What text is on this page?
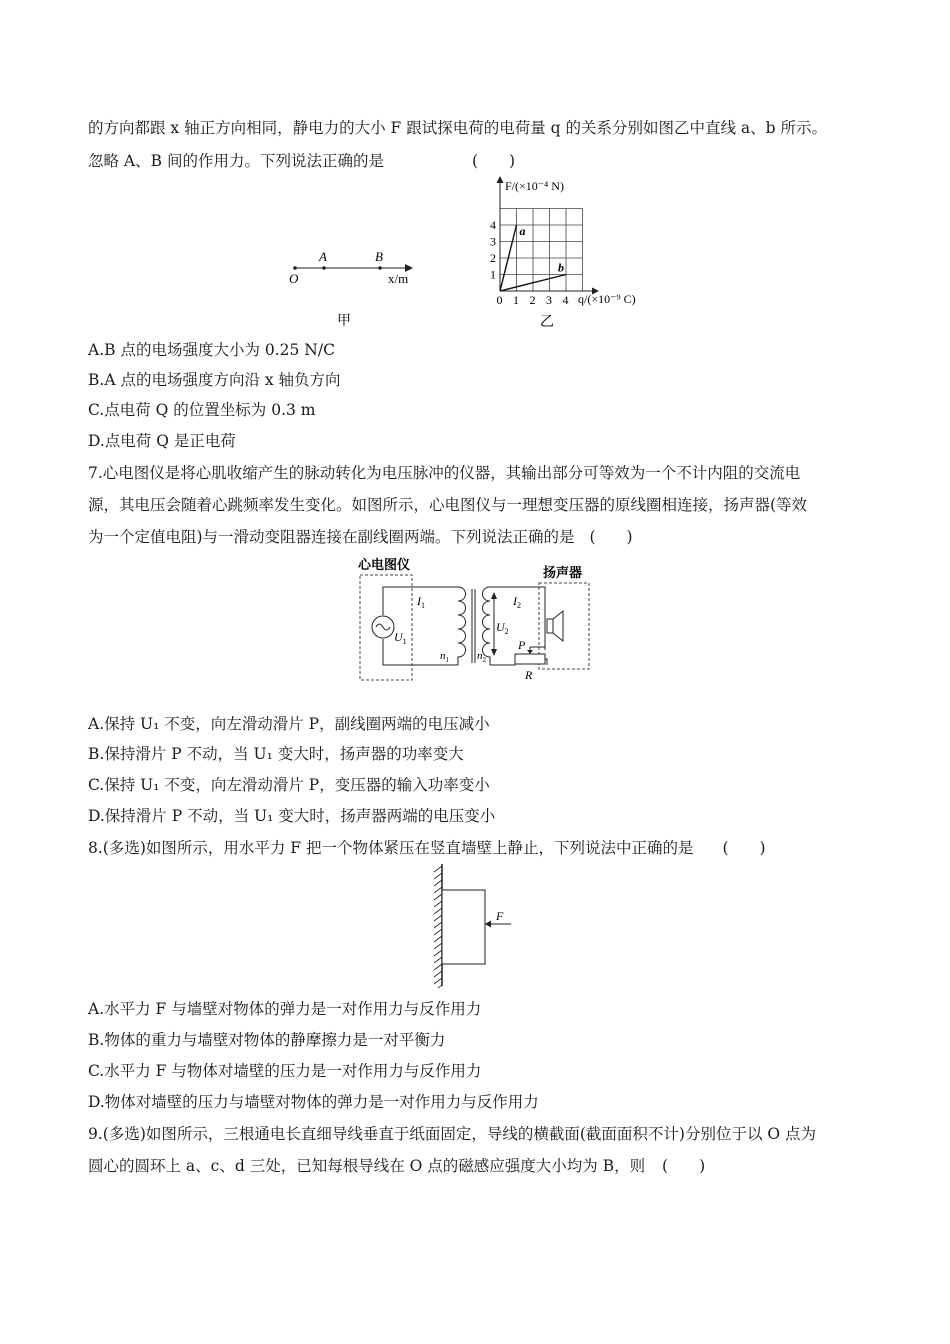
的方向都跟 x 轴正方向相同，静电力的大小 F 跟试探电荷的电荷量 q 的关系分别如图乙中直线 a、b 所示。
忽略 A、B 间的作用力。下列说法正确的是	(　　)
O
A	B
x/m
甲
F/(×10⁻⁴ N)
q/(×10⁻⁹ C)
1
2
3
4
0 1 2 3 4
a
b
乙
A.B 点的电场强度大小为 0.25 N/C
B.A 点的电场强度方向沿 x 轴负方向
C.点电荷 Q 的位置坐标为 0.3 m
D.点电荷 Q 是正电荷
7.心电图仪是将心肌收缩产生的脉动转化为电压脉冲的仪器，其输出部分可等效为一个不计内阻的交流电
源，其电压会随着心跳频率发生变化。如图所示，心电图仪与一理想变压器的原线圈相连接，扬声器(等效
为一个定值电阻)与一滑动变阻器连接在副线圈两端。下列说法正确的是 (　　)
心电图仪
扬声器
$U_1$
$I_1$
$n_1$	$n_2$
$U_2$
$I_2$
P
R
A.保持 U₁ 不变，向左滑动滑片 P，副线圈两端的电压减小
B.保持滑片 P 不动，当 U₁ 变大时，扬声器的功率变大
C.保持 U₁ 不变，向左滑动滑片 P，变压器的输入功率变小
D.保持滑片 P 不动，当 U₁ 变大时，扬声器两端的电压变小
8.(多选)如图所示，用水平力 F 把一个物体紧压在竖直墙壁上静止，下列说法中正确的是 (　　)
F
A.水平力 F 与墙壁对物体的弹力是一对作用力与反作用力
B.物体的重力与墙壁对物体的静摩擦力是一对平衡力
C.水平力 F 与物体对墙壁的压力是一对作用力与反作用力
D.物体对墙壁的压力与墙壁对物体的弹力是一对作用力与反作用力
9.(多选)如图所示，三根通电长直细导线垂直于纸面固定，导线的横截面(截面面积不计)分别位于以 O 点为
圆心的圆环上 a、c、d 三处，已知每根导线在 O 点的磁感应强度大小均为 B，则 (　　)
